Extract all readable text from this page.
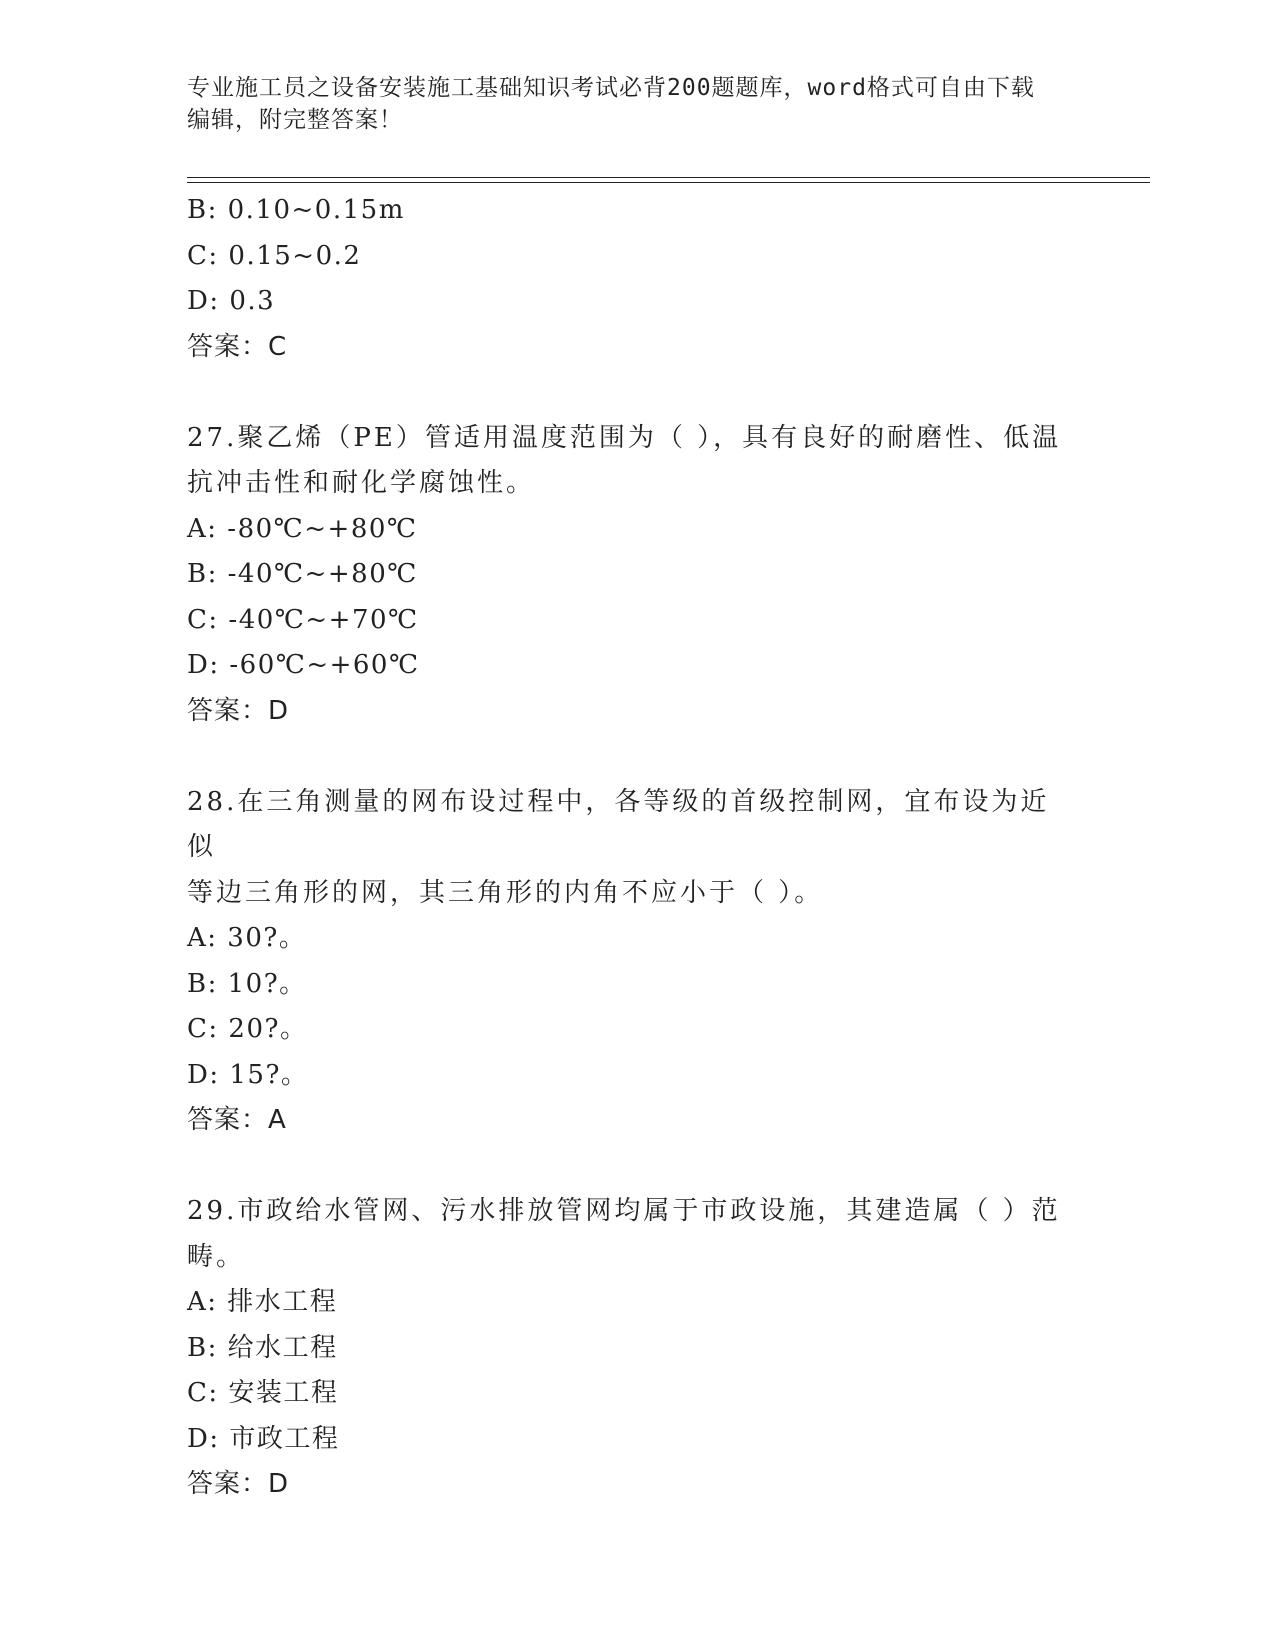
专业施工员之设备安装施工基础知识考试必背200题题库，word格式可自由下载
编辑，附完整答案！
B: 0.10~0.15m
C: 0.15~0.2
D: 0.3
答案：C
27.聚乙烯（PE）管适用温度范围为（ ），具有良好的耐磨性、低温
抗冲击性和耐化学腐蚀性。
A: -80℃~+80℃
B: -40℃~+80℃
C: -40℃~+70℃
D: -60℃~+60℃
答案：D
28.在三角测量的网布设过程中，各等级的首级控制网，宜布设为近似
等边三角形的网，其三角形的内角不应小于（ ）。
A: 30?。
B: 10?。
C: 20?。
D: 15?。
答案：A
29.市政给水管网、污水排放管网均属于市政设施，其建造属（ ）范
畴。
A: 排水工程
B: 给水工程
C: 安装工程
D: 市政工程
答案：D
